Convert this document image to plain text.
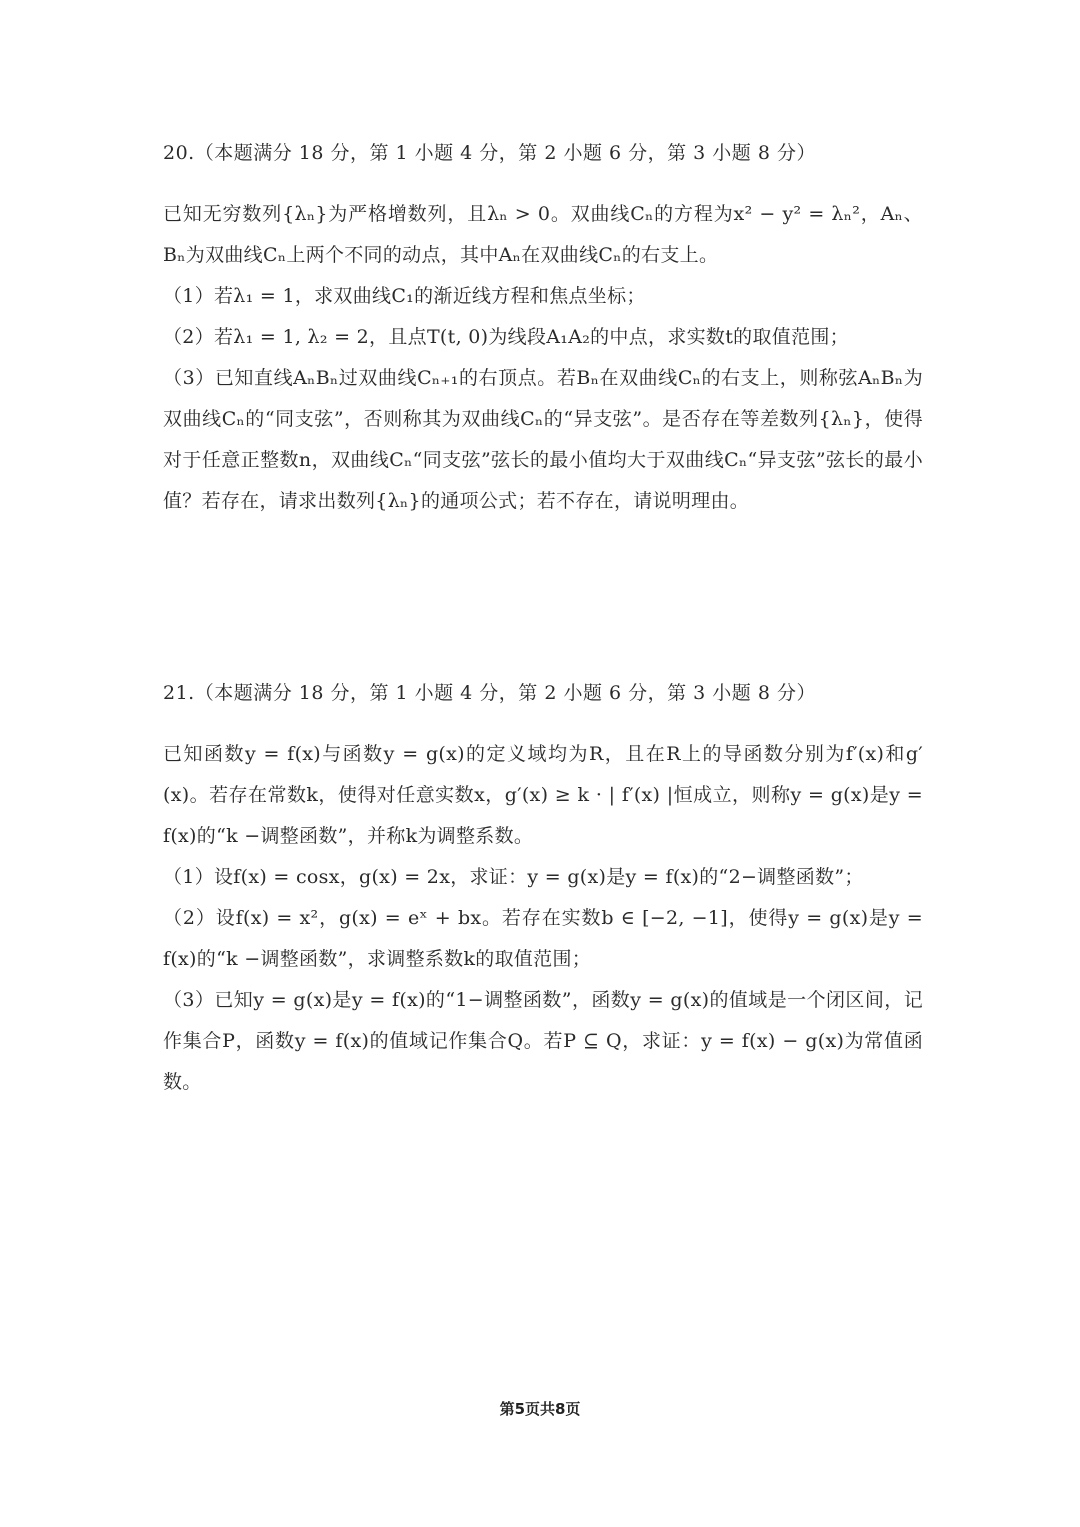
20.（本题满分 18 分，第 1 小题 4 分，第 2 小题 6 分，第 3 小题 8 分）

已知无穷数列{λₙ}为严格增数列，且λₙ > 0。双曲线Cₙ的方程为x² − y² = λₙ²，Aₙ、Bₙ为双曲线Cₙ上两个不同的动点，其中Aₙ在双曲线Cₙ的右支上。

（1）若λ₁ = 1，求双曲线C₁的渐近线方程和焦点坐标；

（2）若λ₁ = 1, λ₂ = 2，且点T(t, 0)为线段A₁A₂的中点，求实数t的取值范围；

（3）已知直线AₙBₙ过双曲线Cₙ₊₁的右顶点。若Bₙ在双曲线Cₙ的右支上，则称弦AₙBₙ为双曲线Cₙ的“同支弦”，否则称其为双曲线Cₙ的“异支弦”。是否存在等差数列{λₙ}，使得对于任意正整数n，双曲线Cₙ“同支弦”弦长的最小值均大于双曲线Cₙ“异支弦”弦长的最小值？若存在，请求出数列{λₙ}的通项公式；若不存在，请说明理由。

21.（本题满分 18 分，第 1 小题 4 分，第 2 小题 6 分，第 3 小题 8 分）

已知函数y = f(x)与函数y = g(x)的定义域均为R，且在R上的导函数分别为f′(x)和g′(x)。若存在常数k，使得对任意实数x，g′(x) ≥ k · | f′(x) |恒成立，则称y = g(x)是y = f(x)的“k −调整函数”，并称k为调整系数。

（1）设f(x) = cosx，g(x) = 2x，求证：y = g(x)是y = f(x)的“2−调整函数”；

（2）设f(x) = x²，g(x) = eˣ + bx。若存在实数b ∈ [−2, −1]，使得y = g(x)是y = f(x)的“k −调整函数”，求调整系数k的取值范围；

（3）已知y = g(x)是y = f(x)的“1−调整函数”，函数y = g(x)的值域是一个闭区间，记作集合P，函数y = f(x)的值域记作集合Q。若P ⊆ Q，求证：y = f(x) − g(x)为常值函数。

第5页共8页
